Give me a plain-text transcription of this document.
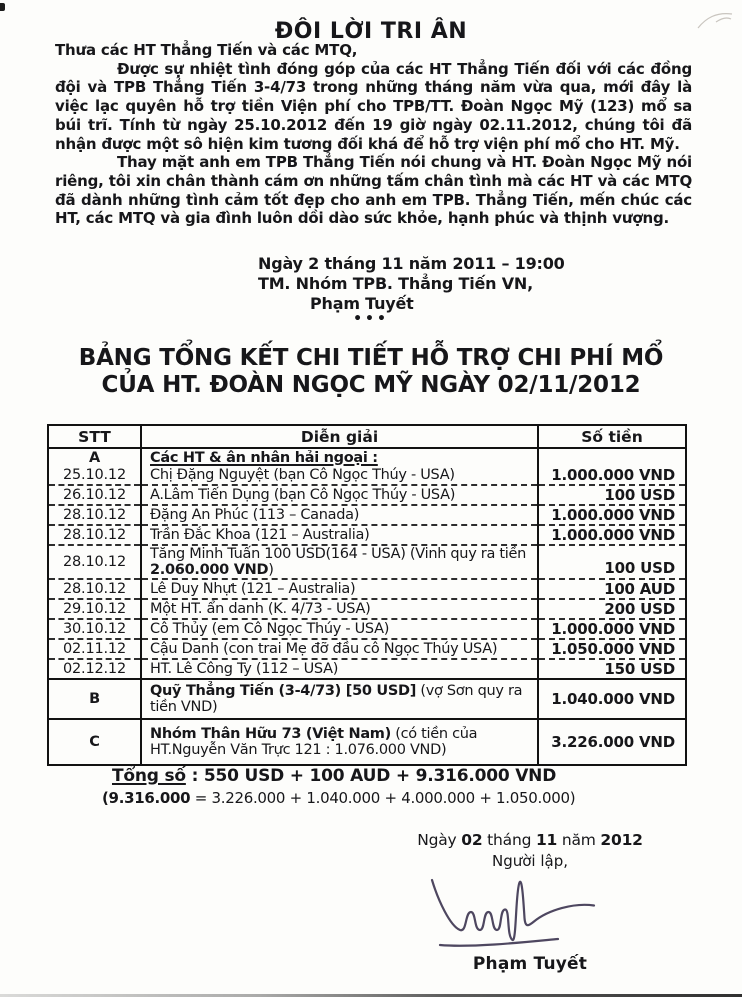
ĐÔI LỜI TRI ÂN

Thưa các HT Thẳng Tiến và các MTQ,

Được sự nhiệt tình đóng góp của các HT Thẳng Tiến đối với các đồng đội và TPB Thẳng Tiến 3-4/73 trong những tháng năm vừa qua, mới đây là việc lạc quyên hỗ trợ tiền Viện phí cho TPB/TT. Đoàn Ngọc Mỹ (123) mổ sa búi trĩ. Tính từ ngày 25.10.2012 đến 19 giờ ngày 02.11.2012, chúng tôi đã nhận được một sô hiện kim tương đối khá để hỗ trợ viện phí mổ cho HT. Mỹ.

Thay mặt anh em TPB Thẳng Tiến nói chung và HT. Đoàn Ngọc Mỹ nói riêng, tôi xin chân thành cám ơn những tấm chân tình mà các HT và các MTQ đã dành những tình cảm tốt đẹp cho anh em TPB. Thẳng Tiến, mến chúc các HT, các MTQ và gia đình luôn dồi dào sức khỏe, hạnh phúc và thịnh vượng.

Ngày 2 tháng 11 năm 2011 – 19:00
TM. Nhóm TPB. Thẳng Tiến VN,
Phạm Tuyết
•••
BẢNG TỔNG KẾT CHI TIẾT HỖ TRỢ CHI PHÍ MỔ
CỦA HT. ĐOÀN NGỌC MỸ NGÀY 02/11/2012
STT	Diễn giải	Số tiền
A	Các HT & ân nhân hải ngoại :	
25.10.12	Chị Đặng Nguyệt (bạn Cô Ngọc Thúy - USA)	1.000.000 VND
26.10.12	A.Lâm Tiến Dụng (bạn Cô Ngọc Thúy - USA)	100 USD
28.10.12	Đặng An Phúc (113 – Canada)	1.000.000 VND
28.10.12	Trần Đắc Khoa (121 – Australia)	1.000.000 VND
28.10.12	Tăng Minh Tuấn 100 USD(164 - USA) (Vinh quy ra tiền 2.060.000 VND)	100 USD
28.10.12	Lê Duy Nhựt (121 – Australia)	100 AUD
29.10.12	Một HT. ẩn danh (K. 4/73 - USA)	200 USD
30.10.12	Cô Thủy (em Cô Ngọc Thúy - USA)	1.000.000 VND
02.11.12	Cậu Danh (con trai Mẹ đỡ đầu cô Ngọc Thúy USA)	1.050.000 VND
02.12.12	HT. Lê Công Ty (112 – USA)	150 USD
B	Quỹ Thẳng Tiến (3-4/73) [50 USD] (vợ Sơn quy ra tiền VND)	1.040.000 VND
C	Nhóm Thân Hữu 73 (Việt Nam) (có tiền của HT.Nguyễn Văn Trực 121 : 1.076.000 VND)	3.226.000 VND
Tổng số : 550 USD + 100 AUD + 9.316.000 VND
(9.316.000 = 3.226.000 + 1.040.000 + 4.000.000 + 1.050.000)
Ngày 02 tháng 11 năm 2012
Người lập,
Phạm Tuyết
